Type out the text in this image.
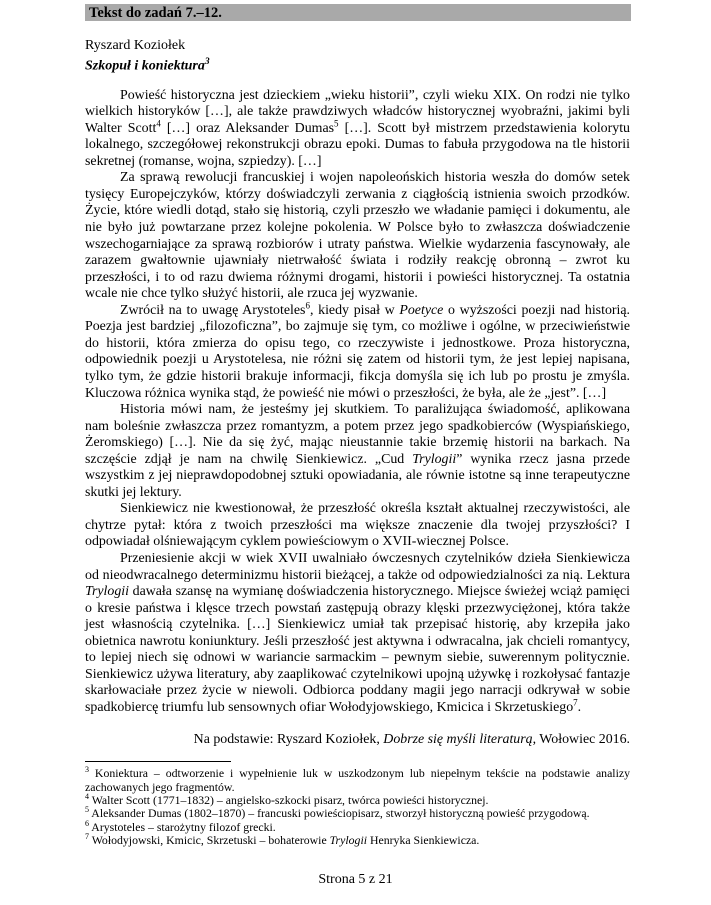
Tekst do zadań 7.–12.
Ryszard Koziołek
Szkopuł i koniektura$^3$

Powieść historyczna jest dzieckiem „wieku historii”, czyli wieku XIX. On rodzi nie tylko wielkich historyków […], ale także prawdziwych władców historycznej wyobraźni, jakimi byli Walter Scott$^4$ […] oraz Aleksander Dumas$^5$ […]. Scott był mistrzem przedstawienia kolorytu lokalnego, szczegółowej rekonstrukcji obrazu epoki. Dumas to fabuła przygodowa na tle historii sekretnej (romanse, wojna, szpiedzy). […]

Za sprawą rewolucji francuskiej i wojen napoleońskich historia weszła do domów setek tysięcy Europejczyków, którzy doświadczyli zerwania z ciągłością istnienia swoich przodków. Życie, które wiedli dotąd, stało się historią, czyli przeszło we władanie pamięci i dokumentu, ale nie było już powtarzane przez kolejne pokolenia. W Polsce było to zwłaszcza doświadczenie wszechogarniające za sprawą rozbiorów i utraty państwa. Wielkie wydarzenia fascynowały, ale zarazem gwałtownie ujawniały nietrwałość świata i rodziły reakcję obronną – zwrot ku przeszłości, i to od razu dwiema różnymi drogami, historii i powieści historycznej. Ta ostatnia wcale nie chce tylko służyć historii, ale rzuca jej wyzwanie.

Zwrócił na to uwagę Arystoteles$^6$, kiedy pisał w Poetyce o wyższości poezji nad historią. Poezja jest bardziej „filozoficzna”, bo zajmuje się tym, co możliwe i ogólne, w przeciwieństwie do historii, która zmierza do opisu tego, co rzeczywiste i jednostkowe. Proza historyczna, odpowiednik poezji u Arystotelesa, nie różni się zatem od historii tym, że jest lepiej napisana, tylko tym, że gdzie historii brakuje informacji, fikcja domyśla się ich lub po prostu je zmyśla. Kluczowa różnica wynika stąd, że powieść nie mówi o przeszłości, że była, ale że „jest”. […]

Historia mówi nam, że jesteśmy jej skutkiem. To paraliżująca świadomość, aplikowana nam boleśnie zwłaszcza przez romantyzm, a potem przez jego spadkobierców (Wyspiańskiego, Żeromskiego) […]. Nie da się żyć, mając nieustannie takie brzemię historii na barkach. Na szczęście zdjął je nam na chwilę Sienkiewicz. „Cud Trylogii” wynika rzecz jasna przede wszystkim z jej nieprawdopodobnej sztuki opowiadania, ale równie istotne są inne terapeutyczne skutki jej lektury.

Sienkiewicz nie kwestionował, że przeszłość określa kształt aktualnej rzeczywistości, ale chytrze pytał: która z twoich przeszłości ma większe znaczenie dla twojej przyszłości? I odpowiadał olśniewającym cyklem powieściowym o XVII-wiecznej Polsce.

Przeniesienie akcji w wiek XVII uwalniało ówczesnych czytelników dzieła Sienkiewicza od nieodwracalnego determinizmu historii bieżącej, a także od odpowiedzialności za nią. Lektura Trylogii dawała szansę na wymianę doświadczenia historycznego. Miejsce świeżej wciąż pamięci o kresie państwa i klęsce trzech powstań zastępują obrazy klęski przezwyciężonej, która także jest własnością czytelnika. […] Sienkiewicz umiał tak przepisać historię, aby krzepiła jako obietnica nawrotu koniunktury. Jeśli przeszłość jest aktywna i odwracalna, jak chcieli romantycy, to lepiej niech się odnowi w wariancie sarmackim – pewnym siebie, suwerennym politycznie. Sienkiewicz używa literatury, aby zaaplikować czytelnikowi upojną używkę i rozkołysać fantazje skarłowaciałe przez życie w niewoli. Odbiorca poddany magii jego narracji odkrywał w sobie spadkobiercę triumfu lub sensownych ofiar Wołodyjowskiego, Kmicica i Skrzetuskiego$^7$.

Na podstawie: Ryszard Koziołek, Dobrze się myśli literaturą, Wołowiec 2016.
$^3$ Koniektura – odtworzenie i wypełnienie luk w uszkodzonym lub niepełnym tekście na podstawie analizy zachowanych jego fragmentów.
$^4$ Walter Scott (1771–1832) – angielsko-szkocki pisarz, twórca powieści historycznej.
$^5$ Aleksander Dumas (1802–1870) – francuski powieściopisarz, stworzył historyczną powieść przygodową.
$^6$ Arystoteles – starożytny filozof grecki.
$^7$ Wołodyjowski, Kmicic, Skrzetuski – bohaterowie Trylogii Henryka Sienkiewicza.
Strona 5 z 21
